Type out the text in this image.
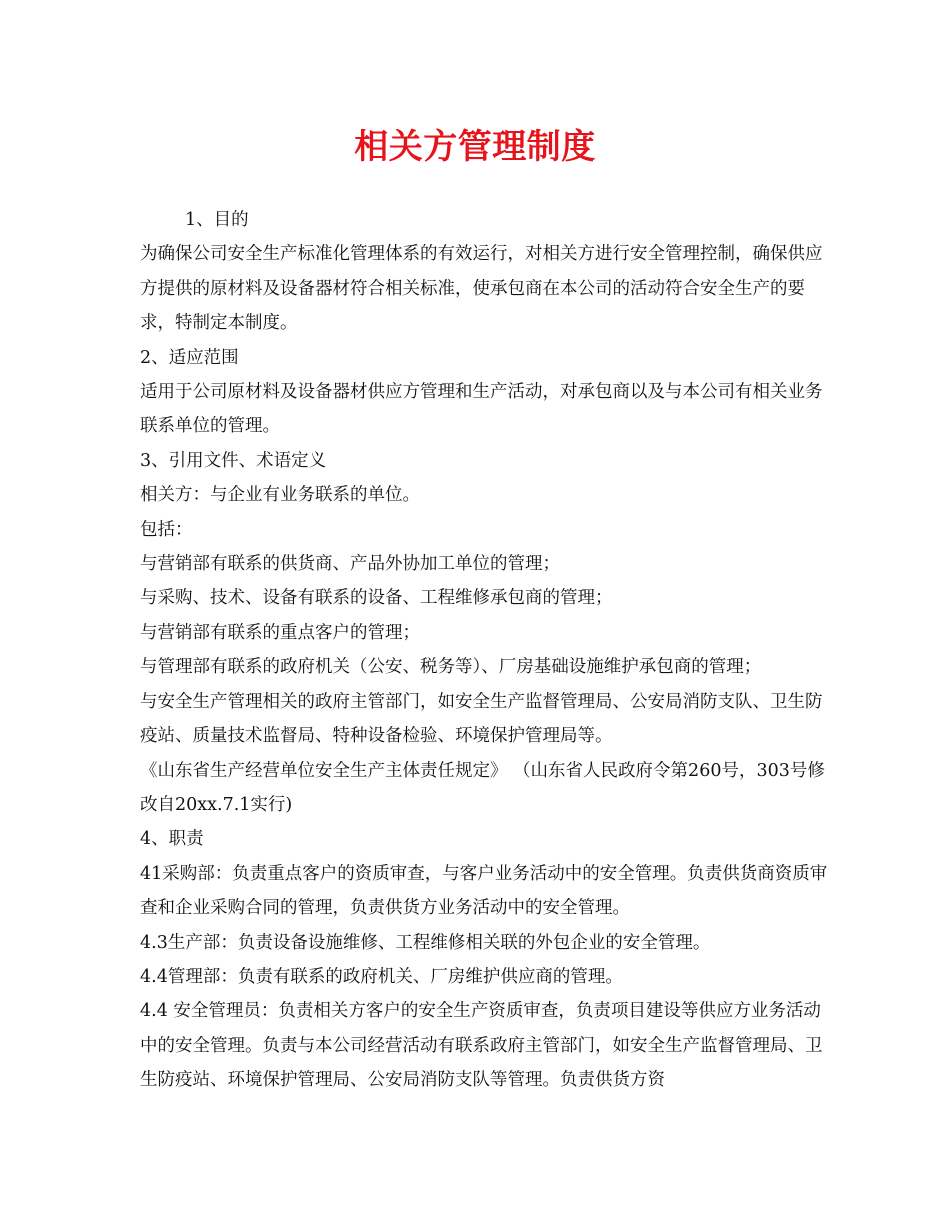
相关方管理制度

1、目的

为确保公司安全生产标准化管理体系的有效运行，对相关方进行安全管理控制，确保供应方提供的原材料及设备器材符合相关标准，使承包商在本公司的活动符合安全生产的要求，特制定本制度。

2、适应范围

适用于公司原材料及设备器材供应方管理和生产活动，对承包商以及与本公司有相关业务联系单位的管理。

3、引用文件、术语定义

相关方：与企业有业务联系的单位。

包括：

与营销部有联系的供货商、产品外协加工单位的管理；

与采购、技术、设备有联系的设备、工程维修承包商的管理；

与营销部有联系的重点客户的管理；

与管理部有联系的政府机关（公安、税务等）、厂房基础设施维护承包商的管理；

与安全生产管理相关的政府主管部门，如安全生产监督管理局、公安局消防支队、卫生防疫站、质量技术监督局、特种设备检验、环境保护管理局等。

《山东省生产经营单位安全生产主体责任规定》 （山东省人民政府令第260号，303号修改自20xx.7.1实行)

4、职责

41采购部：负责重点客户的资质审查，与客户业务活动中的安全管理。负责供货商资质审查和企业采购合同的管理，负责供货方业务活动中的安全管理。

4.3生产部：负责设备设施维修、工程维修相关联的外包企业的安全管理。

4.4管理部：负责有联系的政府机关、厂房维护供应商的管理。

4.4 安全管理员：负责相关方客户的安全生产资质审查，负责项目建设等供应方业务活动中的安全管理。负责与本公司经营活动有联系政府主管部门，如安全生产监督管理局、卫生防疫站、环境保护管理局、公安局消防支队等管理。负责供货方资
